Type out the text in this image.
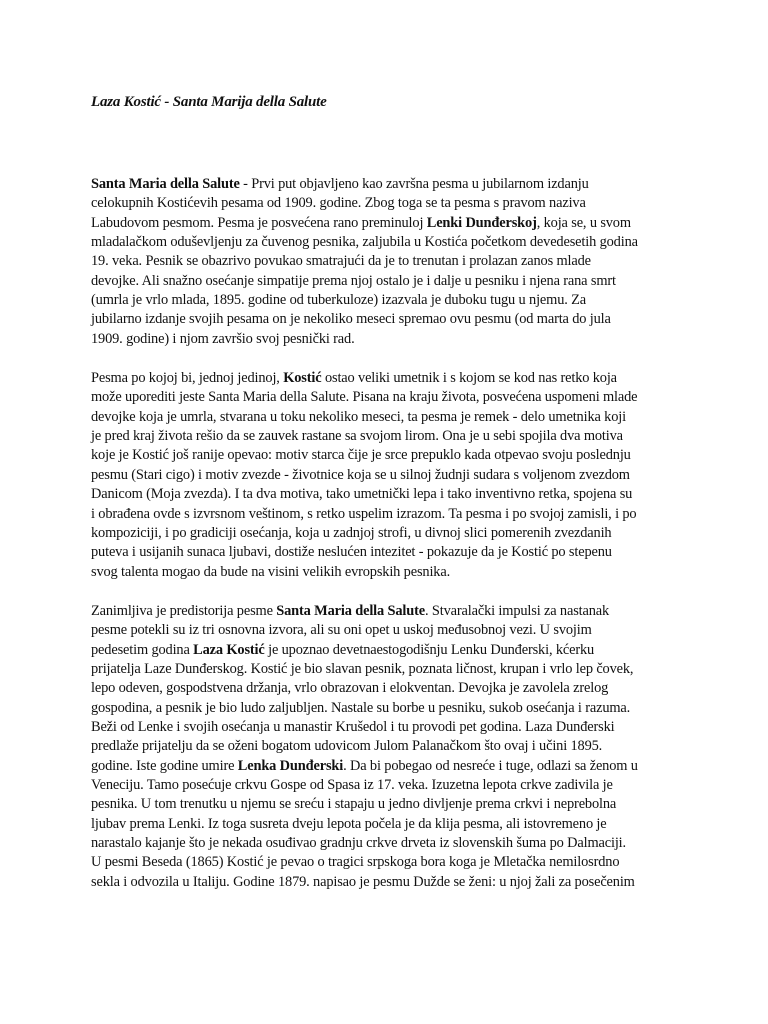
Laza Kostić - Santa Marija della Salute

Santa Maria della Salute - Prvi put objavljeno kao završna pesma u jubilarnom izdanju
celokupnih Kostićevih pesama od 1909. godine. Zbog toga se ta pesma s pravom naziva
Labudovom pesmom. Pesma je posvećena rano preminuloj Lenki Dunđerskoj, koja se, u svom
mladalačkom oduševljenju za čuvenog pesnika, zaljubila u Kostića početkom devedesetih godina
19. veka. Pesnik se obazrivo povukao smatrajući da je to trenutan i prolazan zanos mlade
devojke. Ali snažno osećanje simpatije prema njoj ostalo je i dalje u pesniku i njena rana smrt
(umrla je vrlo mlada, 1895. godine od tuberkuloze) izazvala je duboku tugu u njemu. Za
jubilarno izdanje svojih pesama on je nekoliko meseci spremao ovu pesmu (od marta do jula
1909. godine) i njom završio svoj pesnički rad.

Pesma po kojoj bi, jednoj jedinoj, Kostić ostao veliki umetnik i s kojom se kod nas retko koja
može uporediti jeste Santa Maria della Salute. Pisana na kraju života, posvećena uspomeni mlade
devojke koja je umrla, stvarana u toku nekoliko meseci, ta pesma je remek - delo umetnika koji
je pred kraj života rešio da se zauvek rastane sa svojom lirom. Ona je u sebi spojila dva motiva
koje je Kostić još ranije opevao: motiv starca čije je srce prepuklo kada otpevao svoju poslednju
pesmu (Stari cigo) i motiv zvezde - životnice koja se u silnoj žudnji sudara s voljenom zvezdom
Danicom (Moja zvezda). I ta dva motiva, tako umetnički lepa i tako inventivno retka, spojena su
i obrađena ovde s izvrsnom veštinom, s retko uspelim izrazom. Ta pesma i po svojoj zamisli, i po
kompoziciji, i po gradiciji osećanja, koja u zadnjoj strofi, u divnoj slici pomerenih zvezdanih
puteva i usijanih sunaca ljubavi, dostiže neslućen intezitet - pokazuje da je Kostić po stepenu
svog talenta mogao da bude na visini velikih evropskih pesnika.

Zanimljiva je predistorija pesme Santa Maria della Salute. Stvaralački impulsi za nastanak
pesme potekli su iz tri osnovna izvora, ali su oni opet u uskoj međusobnoj vezi. U svojim
pedesetim godina Laza Kostić je upoznao devetnaestogodišnju Lenku Dunđerski, kćerku
prijatelja Laze Dunđerskog. Kostić je bio slavan pesnik, poznata ličnost, krupan i vrlo lep čovek,
lepo odeven, gospodstvena držanja, vrlo obrazovan i elokventan. Devojka je zavolela zrelog
gospodina, a pesnik je bio ludo zaljubljen. Nastale su borbe u pesniku, sukob osećanja i razuma.
Beži od Lenke i svojih osećanja u manastir Krušedol i tu provodi pet godina. Laza Dunđerski
predlaže prijatelju da se oženi bogatom udovicom Julom Palanačkom što ovaj i učini 1895.
godine. Iste godine umire Lenka Dunđerski. Da bi pobegao od nesreće i tuge, odlazi sa ženom u
Veneciju. Tamo posećuje crkvu Gospe od Spasa iz 17. veka. Izuzetna lepota crkve zadivila je
pesnika. U tom trenutku u njemu se sreću i stapaju u jedno divljenje prema crkvi i neprebolna
ljubav prema Lenki. Iz toga susreta dveju lepota počela je da klija pesma, ali istovremeno je
narastalo kajanje što je nekada osuđivao gradnju crkve drveta iz slovenskih šuma po Dalmaciji.
U pesmi Beseda (1865) Kostić je pevao o tragici srpskoga bora koga je Mletačka nemilosrdno
sekla i odvozila u Italiju. Godine 1879. napisao je pesmu Dužde se ženi: u njoj žali za posečenim
